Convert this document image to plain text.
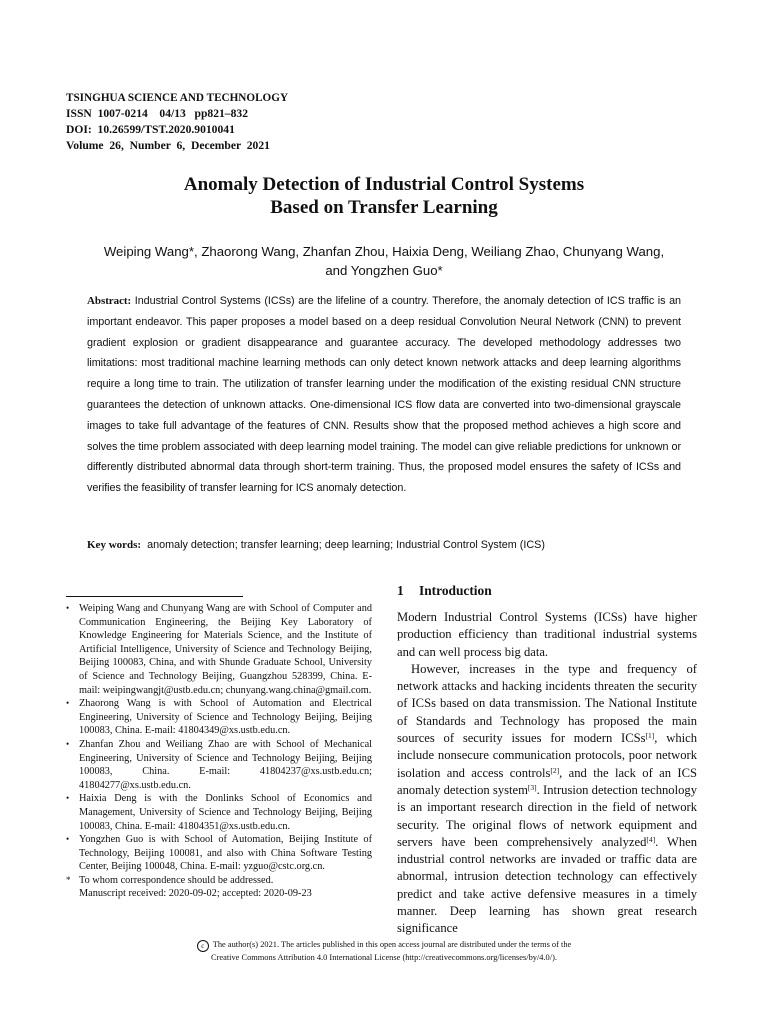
TSINGHUA SCIENCE AND TECHNOLOGY
ISSN  1007-0214    04/13   pp821–832
DOI:  10.26599/TST.2020.9010041
Volume  26,  Number  6,  December  2021
Anomaly Detection of Industrial Control Systems
Based on Transfer Learning
Weiping Wang*, Zhaorong Wang, Zhanfan Zhou, Haixia Deng, Weiliang Zhao, Chunyang Wang,
and Yongzhen Guo*
Abstract: Industrial Control Systems (ICSs) are the lifeline of a country. Therefore, the anomaly detection of ICS traffic is an important endeavor. This paper proposes a model based on a deep residual Convolution Neural Network (CNN) to prevent gradient explosion or gradient disappearance and guarantee accuracy. The developed methodology addresses two limitations: most traditional machine learning methods can only detect known network attacks and deep learning algorithms require a long time to train. The utilization of transfer learning under the modification of the existing residual CNN structure guarantees the detection of unknown attacks. One-dimensional ICS flow data are converted into two-dimensional grayscale images to take full advantage of the features of CNN. Results show that the proposed method achieves a high score and solves the time problem associated with deep learning model training. The model can give reliable predictions for unknown or differently distributed abnormal data through short-term training. Thus, the proposed model ensures the safety of ICSs and verifies the feasibility of transfer learning for ICS anomaly detection.
Key words: anomaly detection; transfer learning; deep learning; Industrial Control System (ICS)
• Weiping Wang and Chunyang Wang are with School of Computer and Communication Engineering, the Beijing Key Laboratory of Knowledge Engineering for Materials Science, and the Institute of Artificial Intelligence, University of Science and Technology Beijing, Beijing 100083, China, and with Shunde Graduate School, University of Science and Technology Beijing, Guangzhou 528399, China. E-mail: weipingwangjt@ustb.edu.cn; chunyang.wang.china@gmail.com.
• Zhaorong Wang is with School of Automation and Electrical Engineering, University of Science and Technology Beijing, Beijing 100083, China. E-mail: 41804349@xs.ustb.edu.cn.
• Zhanfan Zhou and Weiliang Zhao are with School of Mechanical Engineering, University of Science and Technology Beijing, Beijing 100083, China. E-mail: 41804237@xs.ustb.edu.cn; 41804277@xs.ustb.edu.cn.
• Haixia Deng is with the Donlinks School of Economics and Management, University of Science and Technology Beijing, Beijing 100083, China. E-mail: 41804351@xs.ustb.edu.cn.
• Yongzhen Guo is with School of Automation, Beijing Institute of Technology, Beijing 100081, and also with China Software Testing Center, Beijing 100048, China. E-mail: yzguo@cstc.org.cn.
* To whom correspondence should be addressed.
Manuscript received: 2020-09-02; accepted: 2020-09-23
1 Introduction

Modern Industrial Control Systems (ICSs) have higher production efficiency than traditional industrial systems and can well process big data.

However, increases in the type and frequency of network attacks and hacking incidents threaten the security of ICSs based on data transmission. The National Institute of Standards and Technology has proposed the main sources of security issues for modern ICSs[1], which include nonsecure communication protocols, poor network isolation and access controls[2], and the lack of an ICS anomaly detection system[3]. Intrusion detection technology is an important research direction in the field of network security. The original flows of network equipment and servers have been comprehensively analyzed[4]. When industrial control networks are invaded or traffic data are abnormal, intrusion detection technology can effectively predict and take active defensive measures in a timely manner. Deep learning has shown great research significance

c The author(s) 2021. The articles published in this open access journal are distributed under the terms of the
Creative Commons Attribution 4.0 International License (http://creativecommons.org/licenses/by/4.0/).
